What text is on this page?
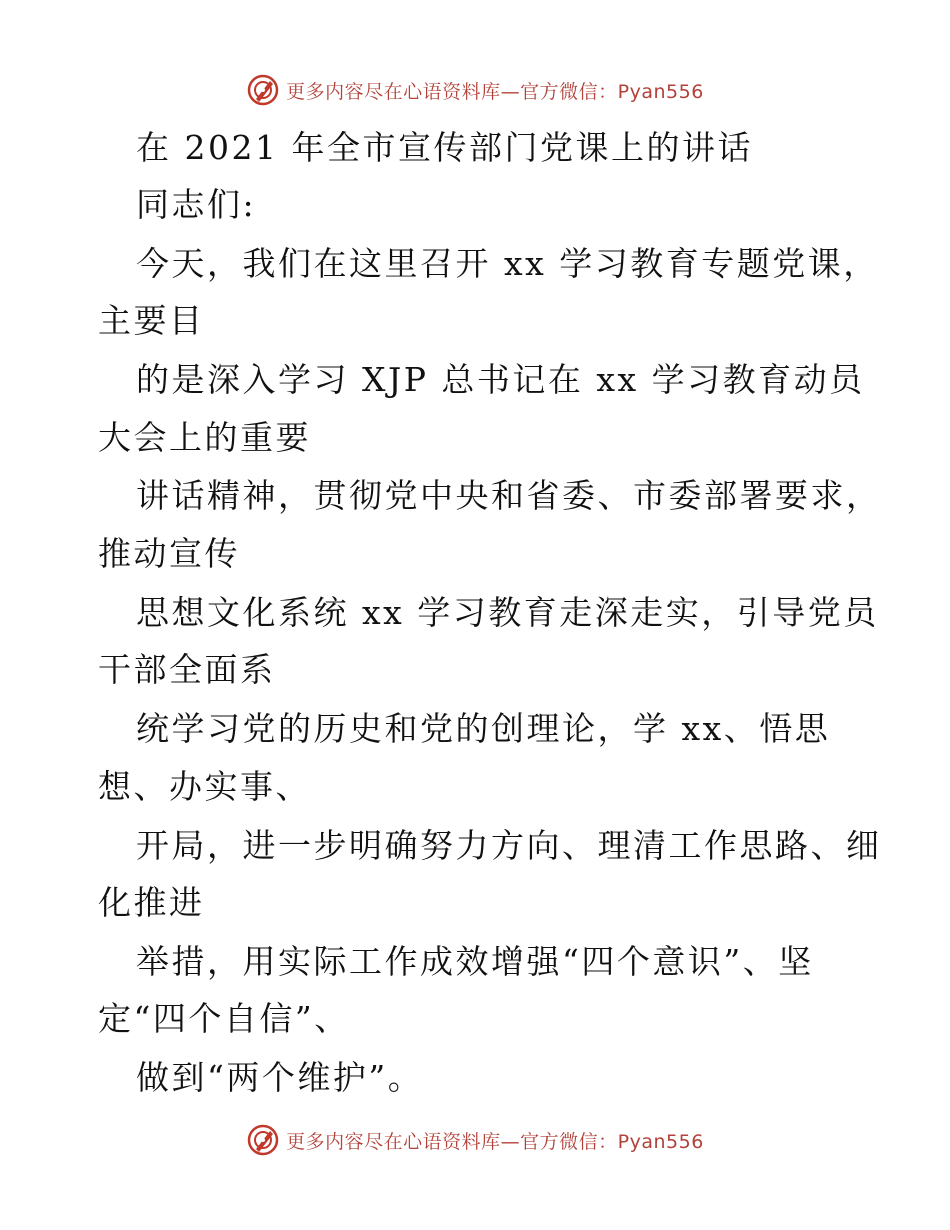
更多内容尽在心语资料库—官方微信：Pyan556
在 2021 年全市宣传部门党课上的讲话
同志们:
今天，我们在这里召开 xx 学习教育专题党课，
主要目
的是深入学习 XJP 总书记在 xx 学习教育动员
大会上的重要
讲话精神，贯彻党中央和省委、市委部署要求，
推动宣传
思想文化系统 xx 学习教育走深走实，引导党员
干部全面系
统学习党的历史和党的创理论，学 xx、悟思
想、办实事、
开局，进一步明确努力方向、理清工作思路、细
化推进
举措，用实际工作成效增强“四个意识”、坚
定“四个自信”、
做到“两个维护”。
更多内容尽在心语资料库—官方微信：Pyan556
